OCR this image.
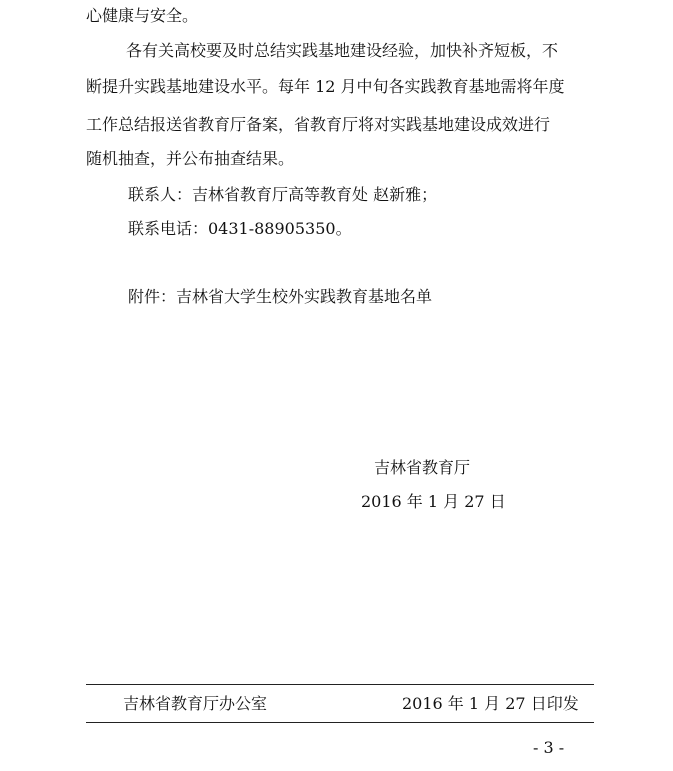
心健康与安全。
各有关高校要及时总结实践基地建设经验，加快补齐短板，不
断提升实践基地建设水平。每年 12 月中旬各实践教育基地需将年度
工作总结报送省教育厅备案，省教育厅将对实践基地建设成效进行
随机抽查，并公布抽查结果。
联系人：吉林省教育厅高等教育处 赵新雅；
联系电话：0431-88905350。
附件：吉林省大学生校外实践教育基地名单
吉林省教育厅
2016 年 1 月 27 日
吉林省教育厅办公室	2016 年 1 月 27 日印发
- 3 -
